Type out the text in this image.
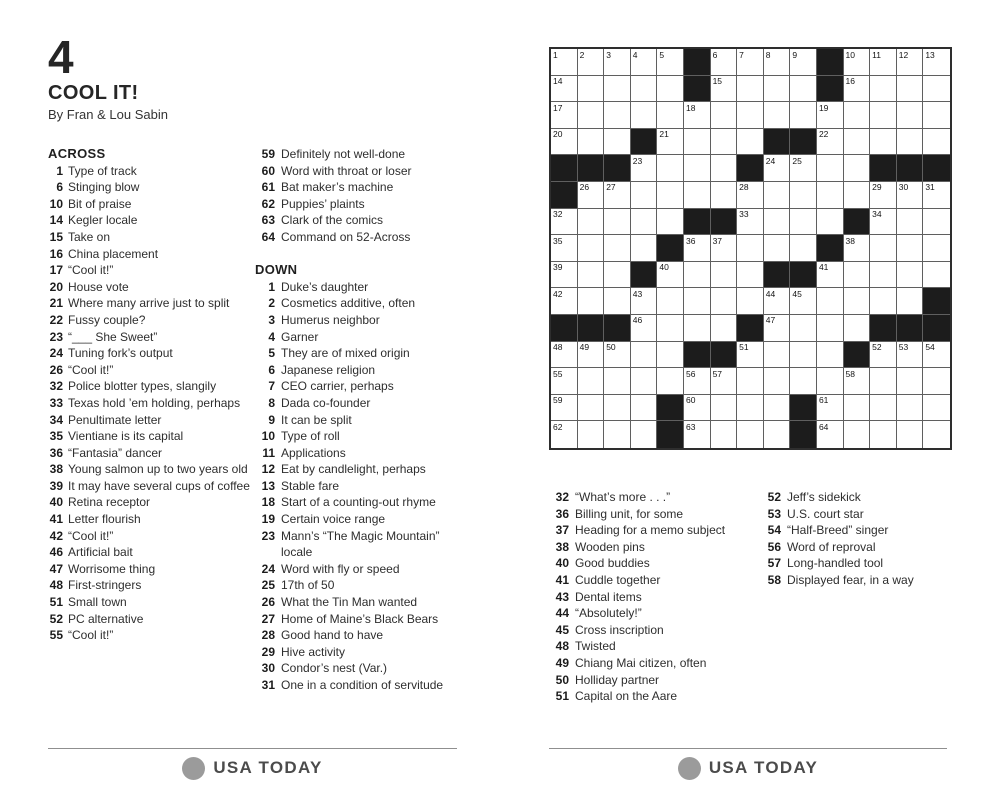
4
COOL IT!
By Fran & Lou Sabin
ACROSS
1 Type of track
6 Stinging blow
10 Bit of praise
14 Kegler locale
15 Take on
16 China placement
17 “Cool it!”
20 House vote
21 Where many arrive just to split
22 Fussy couple?
23 “___ She Sweet”
24 Tuning fork’s output
26 “Cool it!”
32 Police blotter types, slangily
33 Texas hold ’em holding, perhaps
34 Penultimate letter
35 Vientiane is its capital
36 “Fantasia” dancer
38 Young salmon up to two years old
39 It may have several cups of coffee
40 Retina receptor
41 Letter flourish
42 “Cool it!”
46 Artificial bait
47 Worrisome thing
48 First-stringers
51 Small town
52 PC alternative
55 “Cool it!”
59 Definitely not well-done
60 Word with throat or loser
61 Bat maker’s machine
62 Puppies’ plaints
63 Clark of the comics
64 Command on 52-Across
DOWN
1 Duke’s daughter
2 Cosmetics additive, often
3 Humerus neighbor
4 Garner
5 They are of mixed origin
6 Japanese religion
7 CEO carrier, perhaps
8 Dada co-founder
9 It can be split
10 Type of roll
11 Applications
12 Eat by candlelight, perhaps
13 Stable fare
18 Start of a counting-out rhyme
19 Certain voice range
23 Mann’s “The Magic Mountain” locale
24 Word with fly or speed
25 17th of 50
26 What the Tin Man wanted
27 Home of Maine’s Black Bears
28 Good hand to have
29 Hive activity
30 Condor’s nest (Var.)
31 One in a condition of servitude
1	2	3	4	5	6	7	8	9	10 11 12 13
14	15	16
17	18	19
20	21	22
23	24 25
26 27	28	29 30 31
32	33	34
35	36 37	38
39	40	41
42	43	44 45
46	47
48 49 50	51	52 53 54
55	56 57	58
59	60	61
62	63	64
32 “What’s more . . .”
36 Billing unit, for some
37 Heading for a memo subject
38 Wooden pins
40 Good buddies
41 Cuddle together
43 Dental items
44 “Absolutely!”
45 Cross inscription
48 Twisted
49 Chiang Mai citizen, often
50 Holliday partner
51 Capital on the Aare
52 Jeff’s sidekick
53 U.S. court star
54 “Half-Breed” singer
56 Word of reproval
57 Long-handled tool
58 Displayed fear, in a way
USA TODAY	USA TODAY
